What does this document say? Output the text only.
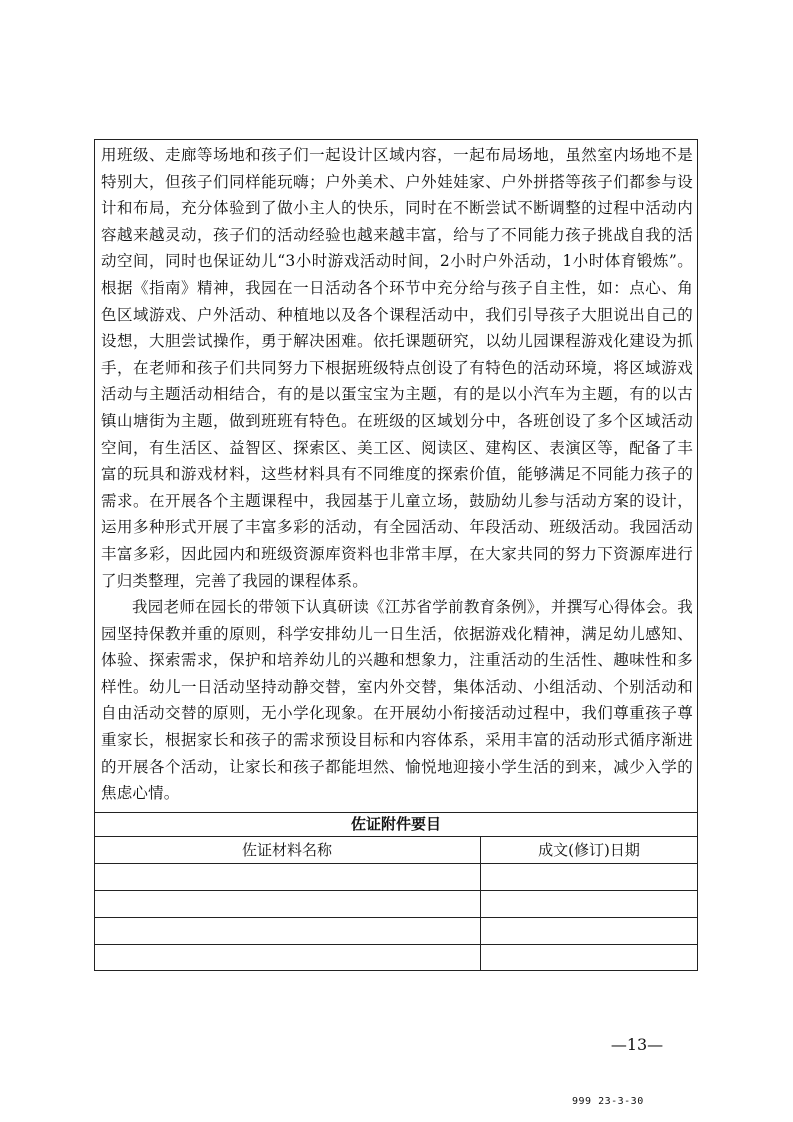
用班级、走廊等场地和孩子们一起设计区域内容，一起布局场地，虽然室内场地不是特别大，但孩子们同样能玩嗨；户外美术、户外娃娃家、户外拼搭等孩子们都参与设计和布局，充分体验到了做小主人的快乐，同时在不断尝试不断调整的过程中活动内容越来越灵动，孩子们的活动经验也越来越丰富，给与了不同能力孩子挑战自我的活动空间，同时也保证幼儿“3小时游戏活动时间，2小时户外活动，1小时体育锻炼”。根据《指南》精神，我园在一日活动各个环节中充分给与孩子自主性，如：点心、角色区域游戏、户外活动、种植地以及各个课程活动中，我们引导孩子大胆说出自己的设想，大胆尝试操作，勇于解决困难。依托课题研究，以幼儿园课程游戏化建设为抓手，在老师和孩子们共同努力下根据班级特点创设了有特色的活动环境，将区域游戏活动与主题活动相结合，有的是以蛋宝宝为主题，有的是以小汽车为主题，有的以古镇山塘街为主题，做到班班有特色。在班级的区域划分中，各班创设了多个区域活动空间，有生活区、益智区、探索区、美工区、阅读区、建构区、表演区等，配备了丰富的玩具和游戏材料，这些材料具有不同维度的探索价值，能够满足不同能力孩子的需求。在开展各个主题课程中，我园基于儿童立场，鼓励幼儿参与活动方案的设计，运用多种形式开展了丰富多彩的活动，有全园活动、年段活动、班级活动。我园活动丰富多彩，因此园内和班级资源库资料也非常丰厚，在大家共同的努力下资源库进行了归类整理，完善了我园的课程体系。

我园老师在园长的带领下认真研读《江苏省学前教育条例》，并撰写心得体会。我园坚持保教并重的原则，科学安排幼儿一日生活，依据游戏化精神，满足幼儿感知、体验、探索需求，保护和培养幼儿的兴趣和想象力，注重活动的生活性、趣味性和多样性。幼儿一日活动坚持动静交替，室内外交替，集体活动、小组活动、个别活动和自由活动交替的原则，无小学化现象。在开展幼小衔接活动过程中，我们尊重孩子尊重家长，根据家长和孩子的需求预设目标和内容体系，采用丰富的活动形式循序渐进的开展各个活动，让家长和孩子都能坦然、愉悦地迎接小学生活的到来，减少入学的焦虑心情。

佐证附件要目
佐证材料名称	成文(修订)日期
—13—
999 23-3-30
